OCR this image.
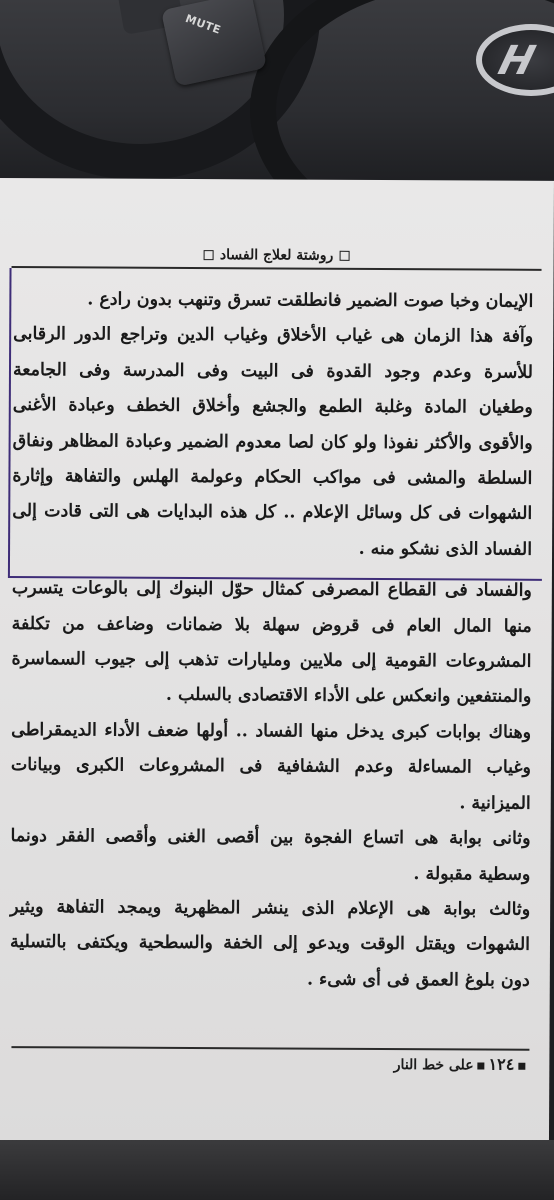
MUTE
H
روشتة لعلاج الفساد

الإيمان وخبا صوت الضمير فانطلقت تسرق وتنهب بدون رادع .

وآفة هذا الزمان هى غياب الأخلاق وغياب الدين وتراجع الدور الرقابى للأسرة وعدم وجود القدوة فى البيت وفى المدرسة وفى الجامعة وطغيان المادة وغلبة الطمع والجشع وأخلاق الخطف وعبادة الأغنى والأقوى والأكثر نفوذا ولو كان لصا معدوم الضمير وعبادة المظاهر ونفاق السلطة والمشى فى مواكب الحكام وعولمة الهلس والتفاهة وإثارة الشهوات فى كل وسائل الإعلام .. كل هذه البدايات هى التى قادت إلى الفساد الذى نشكو منه .

والفساد فى القطاع المصرفى كمثال حوّل البنوك إلى بالوعات يتسرب منها المال العام فى قروض سهلة بلا ضمانات وضاعف من تكلفة المشروعات القومية إلى ملايين ومليارات تذهب إلى جيوب السماسرة والمنتفعين وانعكس على الأداء الاقتصادى بالسلب .

وهناك بوابات كبرى يدخل منها الفساد .. أولها ضعف الأداء الديمقراطى وغياب المساءلة وعدم الشفافية فى المشروعات الكبرى وبيانات الميزانية .

وثانى بوابة هى اتساع الفجوة بين أقصى الغنى وأقصى الفقر دونما وسطية مقبولة .

وثالث بوابة هى الإعلام الذى ينشر المظهرية ويمجد التفاهة ويثير الشهوات ويقتل الوقت ويدعو إلى الخفة والسطحية ويكتفى بالتسلية دون بلوغ العمق فى أى شىء .

١٢٤على خط النار
